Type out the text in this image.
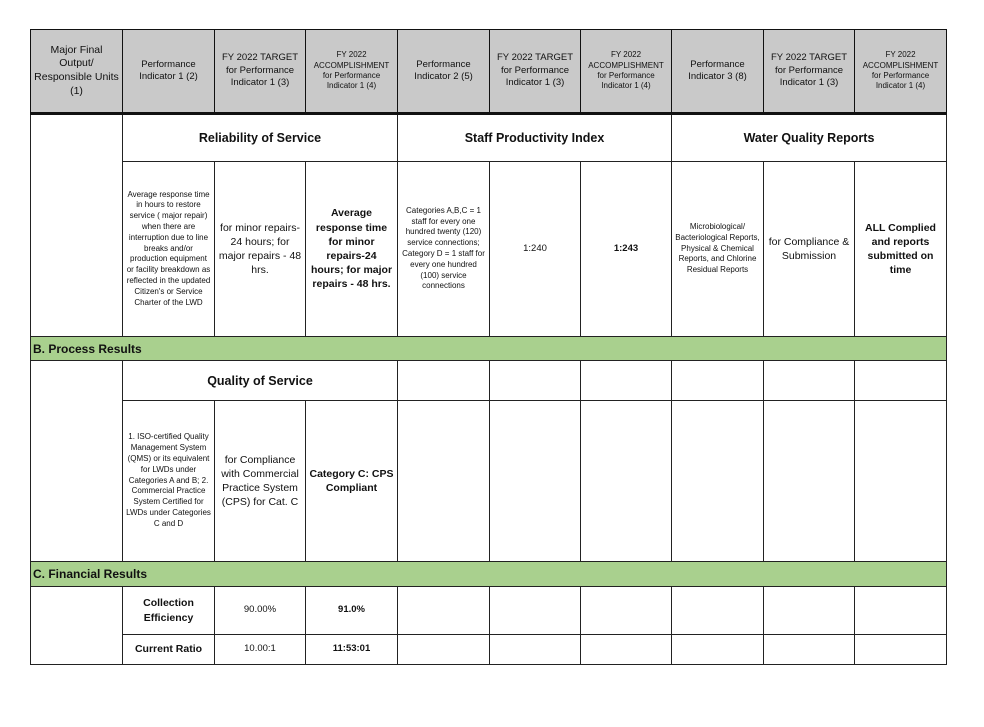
Major Final Output/ Responsible Units (1)	Performance Indicator 1 (2)	FY 2022 TARGET for Performance Indicator 1 (3)	FY 2022 ACCOMPLISHMENT for Performance Indicator 1 (4)	Performance Indicator 2 (5)	FY 2022 TARGET for Performance Indicator 1 (3)	FY 2022 ACCOMPLISHMENT for Performance Indicator 1 (4)	Performance Indicator 3 (8)	FY 2022 TARGET for Performance Indicator 1 (3)	FY 2022 ACCOMPLISHMENT for Performance Indicator 1 (4)
	Reliability of Service			Staff Productivity Index			Water Quality Reports		
	Average response time in hours to restore service ( major repair) when there are interruption due to line breaks and/or production equipment or facility breakdown as reflected in the updated Citizen's or Service Charter of the LWD	for minor repairs-24 hours; for major repairs - 48 hrs.	Average response time for minor repairs-24 hours; for major repairs - 48 hrs.	Categories A,B,C = 1 staff for every one hundred twenty (120) service connections; Category D = 1 staff for every one hundred (100) service connections	1:240	1:243	Microbiological/ Bacteriological Reports, Physical & Chemical Reports, and Chlorine Residual Reports	for Compliance & Submission	ALL Complied and reports submitted on time
B. Process Results									
	Quality of Service								
	1. ISO-certified Quality Management System (QMS) or its equivalent for LWDs under Categories A and B; 2. Commercial Practice System Certified for LWDs under Categories C and D	for Compliance with Commercial Practice System (CPS) for Cat. C	Category C: CPS Compliant						
C. Financial Results									
	Collection Efficiency	90.00%	91.0%						
	Current Ratio	10.00:1	11:53:01						
